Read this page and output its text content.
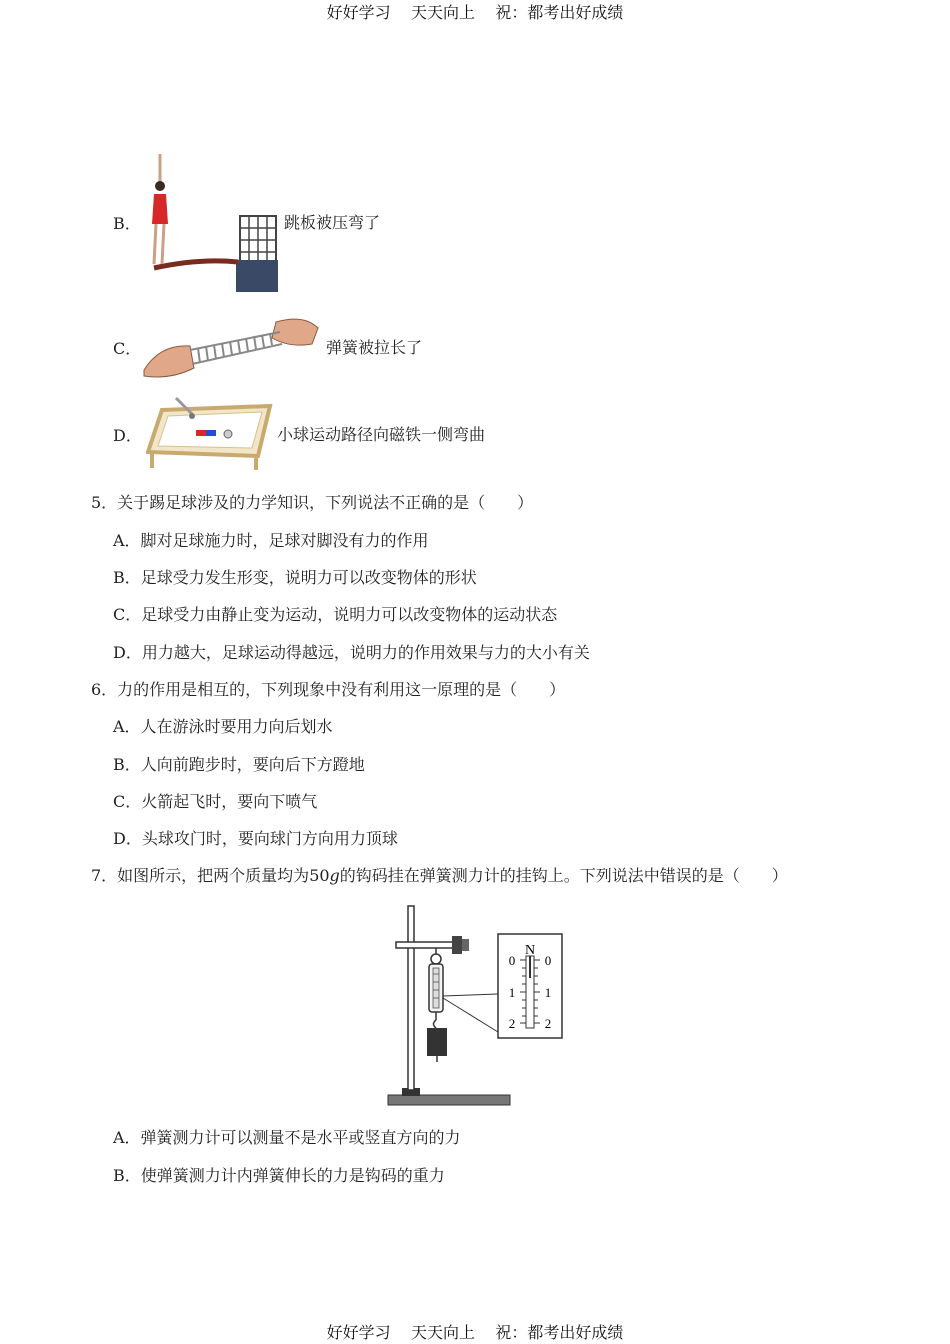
好好学习    天天向上    祝：都考出好成绩
B．	跳板被压弯了
C．	弹簧被拉长了
D．	小球运动路径向磁铁一侧弯曲
5．关于踢足球涉及的力学知识，下列说法不正确的是（　　）
A．脚对足球施力时，足球对脚没有力的作用
B．足球受力发生形变，说明力可以改变物体的形状
C．足球受力由静止变为运动，说明力可以改变物体的运动状态
D．用力越大，足球运动得越远，说明力的作用效果与力的大小有关
6．力的作用是相互的，下列现象中没有利用这一原理的是（　　）
A．人在游泳时要用力向后划水
B．人向前跑步时，要向后下方蹬地
C．火箭起飞时，要向下喷气
D．头球攻门时，要向球门方向用力顶球
7．如图所示，把两个质量均为50g的钩码挂在弹簧测力计的挂钩上。下列说法中错误的是（　　）
N
0
1
2
0
1
2
A．弹簧测力计可以测量不是水平或竖直方向的力
B．使弹簧测力计内弹簧伸长的力是钩码的重力
好好学习    天天向上    祝：都考出好成绩
